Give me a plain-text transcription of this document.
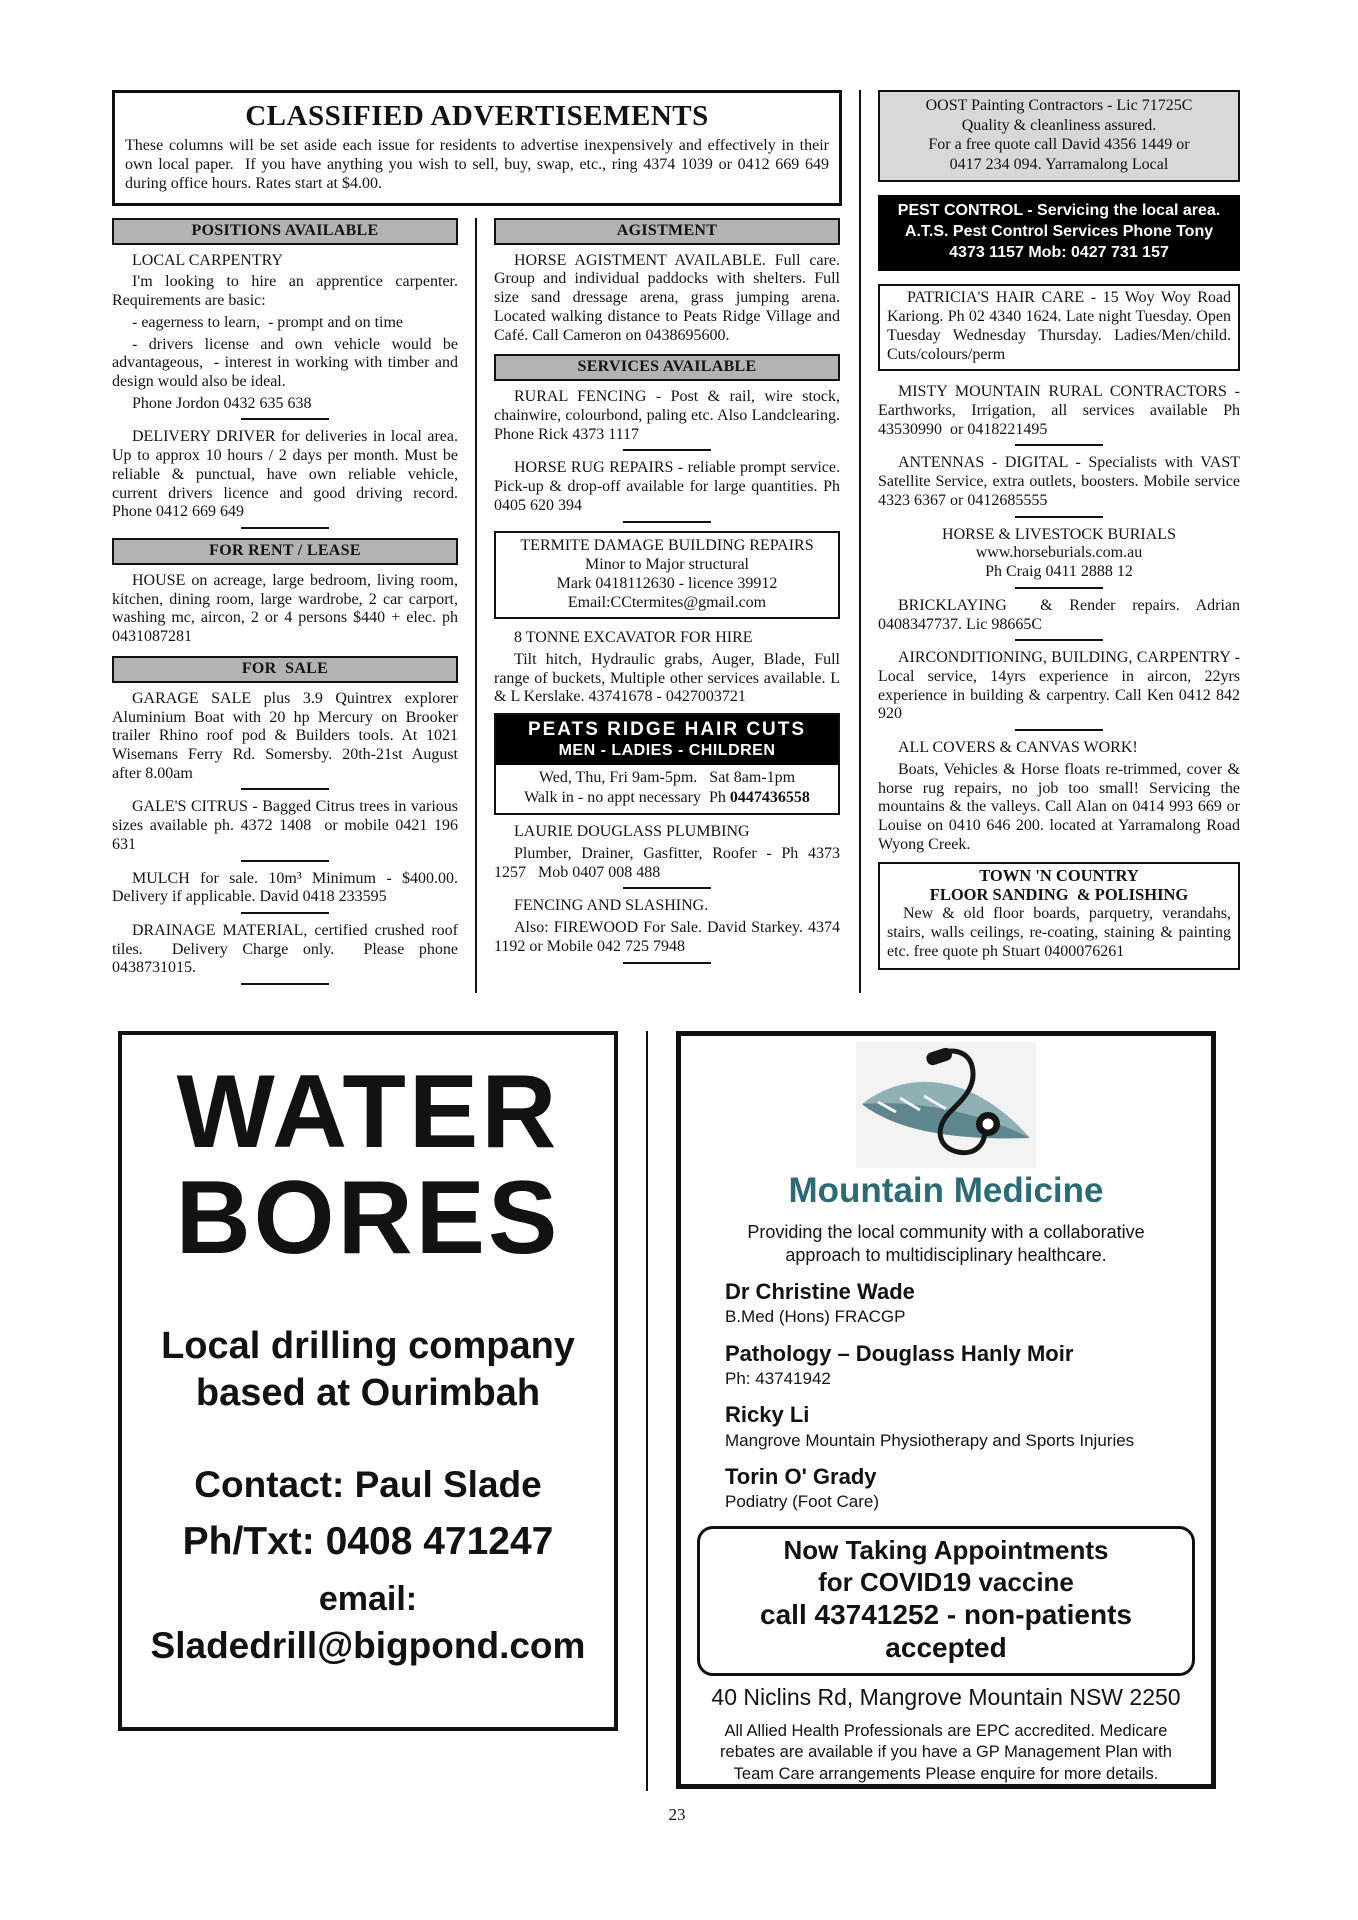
CLASSIFIED ADVERTISEMENTS
These columns will be set aside each issue for residents to advertise inexpensively and effectively in their own local paper.  If you have anything you wish to sell, buy, swap, etc., ring 4374 1039 or 0412 669 649 during office hours. Rates start at $4.00.
POSITIONS AVAILABLE

LOCAL CARPENTRY

I'm looking to hire an apprentice carpenter. Requirements are basic:

- eagerness to learn,  - prompt and on time

- drivers license and own vehicle would be advantageous,  - interest in working with timber and design would also be ideal.

Phone Jordon 0432 635 638

DELIVERY DRIVER for deliveries in local area. Up to approx 10 hours / 2 days per month. Must be reliable & punctual, have own reliable vehicle, current drivers licence and good driving record. Phone 0412 669 649

FOR RENT / LEASE

HOUSE on acreage, large bedroom, living room, kitchen, dining room, large wardrobe, 2 car carport, washing mc, aircon, 2 or 4 persons $440 + elec. ph 0431087281

FOR  SALE

GARAGE SALE plus 3.9 Quintrex explorer Aluminium Boat with 20 hp Mercury on Brooker trailer Rhino roof pod & Builders tools. At 1021 Wisemans Ferry Rd. Somersby. 20th-21st August after 8.00am

GALE'S CITRUS - Bagged Citrus trees in various sizes available ph. 4372 1408  or mobile 0421 196 631

MULCH for sale. 10m³ Minimum - $400.00. Delivery if applicable. David 0418 233595

DRAINAGE MATERIAL, certified crushed roof tiles.  Delivery Charge only.  Please phone 0438731015.

AGISTMENT

HORSE AGISTMENT AVAILABLE. Full care. Group and individual paddocks with shelters. Full size sand dressage arena, grass jumping arena. Located walking distance to Peats Ridge Village and Café. Call Cameron on 0438695600.

SERVICES AVAILABLE

RURAL FENCING - Post & rail, wire stock, chainwire, colourbond, paling etc. Also Landclearing. Phone Rick 4373 1117

HORSE RUG REPAIRS - reliable prompt service. Pick-up & drop-off available for large quantities. Ph 0405 620 394

TERMITE DAMAGE BUILDING REPAIRS
Minor to Major structural
Mark 0418112630 - licence 39912
Email:CCtermites@gmail.com

8 TONNE EXCAVATOR FOR HIRE

Tilt hitch, Hydraulic grabs, Auger, Blade, Full range of buckets, Multiple other services available. L & L Kerslake. 43741678 - 0427003721

PEATS RIDGE HAIR CUTS
MEN - LADIES - CHILDREN
Wed, Thu, Fri 9am-5pm.   Sat 8am-1pm
Walk in - no appt necessary  Ph 0447436558

LAURIE DOUGLASS PLUMBING

Plumber, Drainer, Gasfitter, Roofer - Ph 4373 1257   Mob 0407 008 488

FENCING AND SLASHING.

Also: FIREWOOD For Sale. David Starkey. 4374 1192 or Mobile 042 725 7948

OOST Painting Contractors - Lic 71725C
Quality & cleanliness assured.
For a free quote call David 4356 1449 or
0417 234 094. Yarramalong Local
PEST CONTROL - Servicing the local area. A.T.S. Pest Control Services Phone Tony 4373 1157 Mob: 0427 731 157

PATRICIA'S HAIR CARE - 15 Woy Woy Road Kariong. Ph 02 4340 1624. Late night Tuesday. Open Tuesday Wednesday Thursday. Ladies/Men/child. Cuts/colours/perm

MISTY MOUNTAIN RURAL CONTRACTORS - Earthworks, Irrigation, all services available Ph  43530990  or 0418221495

ANTENNAS - DIGITAL - Specialists with VAST Satellite Service, extra outlets, boosters. Mobile service 4323 6367 or 0412685555

HORSE & LIVESTOCK BURIALS

www.horseburials.com.au

Ph Craig 0411 2888 12

BRICKLAYING  & Render repairs. Adrian 0408347737. Lic 98665C

AIRCONDITIONING, BUILDING, CARPENTRY - Local service, 14yrs experience in aircon, 22yrs experience in building & carpentry. Call Ken 0412 842 920

ALL COVERS & CANVAS WORK!

Boats, Vehicles & Horse floats re-trimmed, cover & horse rug repairs, no job too small! Servicing the mountains & the valleys. Call Alan on 0414 993 669 or Louise on 0410 646 200. located at Yarramalong Road Wyong Creek.

TOWN 'N COUNTRY
FLOOR SANDING  & POLISHING

New & old floor boards, parquetry, verandahs, stairs, walls ceilings, re-coating, staining & painting etc. free quote ph Stuart 0400076261

WATER
BORES
Local drilling company
based at Ourimbah
Contact: Paul Slade
Ph/Txt: 0408 471247
email:
Sladedrill@bigpond.com
Mountain Medicine
Providing the local community with a collaborative approach to multidisciplinary healthcare.
Dr Christine Wade
B.Med (Hons) FRACGP
Pathology – Douglass Hanly Moir
Ph: 43741942
Ricky Li
Mangrove Mountain Physiotherapy and Sports Injuries
Torin O' Grady
Podiatry (Foot Care)
Now Taking Appointments
for COVID19 vaccine
call 43741252 - non-patients accepted
40 Niclins Rd, Mangrove Mountain NSW 2250
All Allied Health Professionals are EPC accredited. Medicare rebates are available if you have a GP Management Plan with Team Care arrangements Please enquire for more details.
23
